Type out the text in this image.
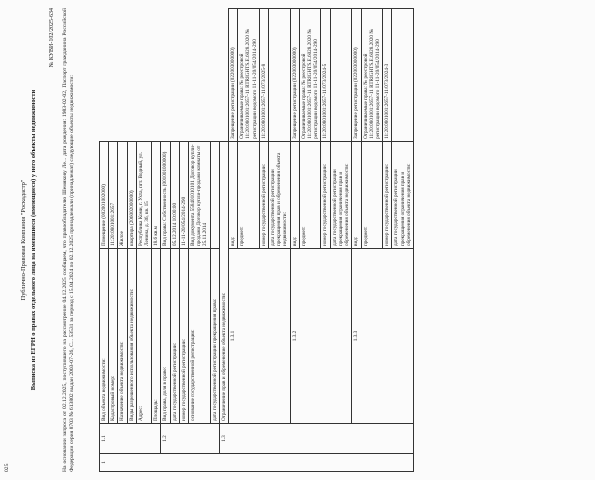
025
Публично-Правовая Компания "Роскадастр" Выписка из ЕГРН о правах отдельного лица на имевшиеся (имеющиеся) у него объекты недвижимости
№ КУВИ-102/2025-634 На основании запроса от 02.12.2025, поступившего на рассмотрение 04.12.2025 сообщаем, что правообладателю Шемякову Ле... дата рождения: 1983-02-02, Паспорт гражданина Российской Федерации серия 8703 № 613802 выдан 2003-07-26, С... 53531 за период с 15.04.2024 по 02.12.2025 принадлежали (принадлежат) следующие объекты недвижимости:	1	1.1	Вид объекта недвижимости:	Помещение (002001002000)	
		Кадастровый номер:	11:20:0801001:2657	
		Назначение объекта недвижимости:	Жилое	
		Виды разрешенного использования объекта недвижимости:	квартира (206002000000)	
		Адрес:	Республика Коми, г. Ухта, пгт. Водный, ул. Ленина, д. 36, кв. 15	
		Площадь:	18.6 кв.м	
	1.2	Вид права, доля в праве:	Вид права: Собственность (001001000000)	
		дата государственной регистрации:	05.12.2014 10:00:00	
		номер государственной регистрации:	11-11-20/054/2014-290	
		основание государственной регистрации:	Вид документа 558401010101 Договор купли-продажи Договор купли-продажи комнаты от 25.11.2014	
		дата государственной регистрации прекращения права:		
	1.3	Ограничение прав и обременение объекта недвижимости:		
		1.3.1	вид:	Запрещение регистрации (022003000000)
			предмет:	Ограничиваемые права: № реестровой 11:20:0801001:2657-11 RTRIGHTS.E.6028.2020 № регистрации ведомого 11-11-20/054/2014-290
			номер государственной регистрации:	11:20:0801001:2657-11/073/2025-8
			дата государственной регистрации прекращения прав и обременения объекта недвижимости:	
		1.3.2	вид:	Запрещение регистрации (022003000000)
			предмет:	Ограничиваемые права: № реестровой 11:20:0801001:2657-11 RTRIGHTS.E.6028.2020 № регистрации ведомого 11-11-20/054/2014-290
			номер государственной регистрации:	11:20:0801001:2657-11/073/2024-5
			дата государственной регистрации прекращения ограничения прав и обременения объекта недвижимости:	
		1.3.3	вид:	Запрещение регистрации (022003000000)
			предмет:	Ограничиваемые права: № реестровой 11:20:0801001:2657-11 RTRIGHTS.E.6028.2020 № регистрации ведомого 11-11-20/054/2014-290
			номер государственной регистрации:	11:20:0801001:2657-11/073/2024-3
			дата государственной регистрации прекращения ограничения прав и обременения объекта недвижимости:	
